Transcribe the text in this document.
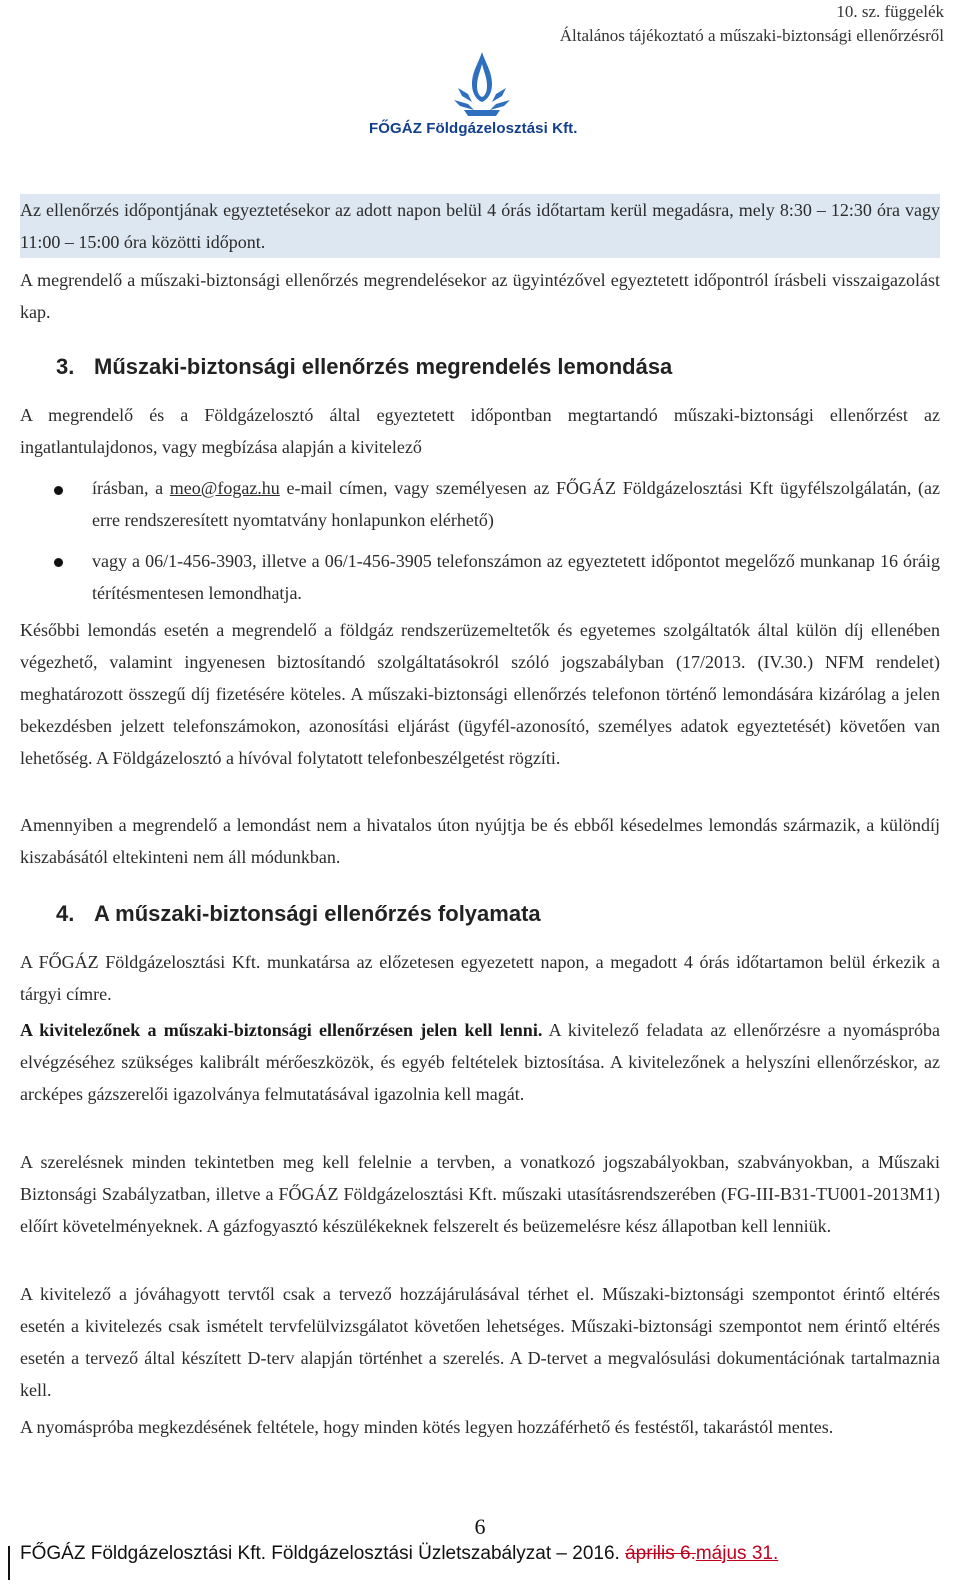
10. sz. függelék
Általános tájékoztató a műszaki-biztonsági ellenőrzésről
FŐGÁZ Földgázelosztási Kft.

Az ellenőrzés időpontjának egyeztetésekor az adott napon belül 4 órás időtartam kerül megadásra, mely 8:30 – 12:30 óra vagy 11:00 – 15:00 óra közötti időpont.

A megrendelő a műszaki-biztonsági ellenőrzés megrendelésekor az ügyintézővel egyeztetett időpontról írásbeli visszaigazolást kap.

3. Műszaki-biztonsági ellenőrzés megrendelés lemondása

A megrendelő és a Földgázelosztó által egyeztetett időpontban megtartandó műszaki-biztonsági ellenőrzést az ingatlantulajdonos, vagy megbízása alapján a kivitelező

írásban, a meo@fogaz.hu e-mail címen, vagy személyesen az FŐGÁZ Földgázelosztási Kft ügyfélszolgálatán, (az erre rendszeresített nyomtatvány honlapunkon elérhető)

vagy a 06/1-456-3903, illetve a 06/1-456-3905 telefonszámon az egyeztetett időpontot megelőző munkanap 16 óráig térítésmentesen lemondhatja.

Későbbi lemondás esetén a megrendelő a földgáz rendszerüzemeltetők és egyetemes szolgáltatók által külön díj ellenében végezhető, valamint ingyenesen biztosítandó szolgáltatásokról szóló jogszabályban (17/2013. (IV.30.) NFM rendelet) meghatározott összegű díj fizetésére köteles. A műszaki-biztonsági ellenőrzés telefonon történő lemondására kizárólag a jelen bekezdésben jelzett telefonszámokon, azonosítási eljárást (ügyfél-azonosító, személyes adatok egyeztetését) követően van lehetőség. A Földgázelosztó a hívóval folytatott telefonbeszélgetést rögzíti.

Amennyiben a megrendelő a lemondást nem a hivatalos úton nyújtja be és ebből késedelmes lemondás származik, a különdíj kiszabásától eltekinteni nem áll módunkban.

4. A műszaki-biztonsági ellenőrzés folyamata

A FŐGÁZ Földgázelosztási Kft. munkatársa az előzetesen egyezetett napon, a megadott 4 órás időtartamon belül érkezik a tárgyi címre.

A kivitelezőnek a műszaki-biztonsági ellenőrzésen jelen kell lenni. A kivitelező feladata az ellenőrzésre a nyomáspróba elvégzéséhez szükséges kalibrált mérőeszközök, és egyéb feltételek biztosítása. A kivitelezőnek a helyszíni ellenőrzéskor, az arcképes gázszerelői igazolványa felmutatásával igazolnia kell magát.

A szerelésnek minden tekintetben meg kell felelnie a tervben, a vonatkozó jogszabályokban, szabványokban, a Műszaki Biztonsági Szabályzatban, illetve a FŐGÁZ Földgázelosztási Kft. műszaki utasításrendszerében (FG-III-B31-TU001-2013M1) előírt követelményeknek. A gázfogyasztó készülékeknek felszerelt és beüzemelésre kész állapotban kell lenniük.

A kivitelező a jóváhagyott tervtől csak a tervező hozzájárulásával térhet el. Műszaki-biztonsági szempontot érintő eltérés esetén a kivitelezés csak ismételt tervfelülvizsgálatot követően lehetséges. Műszaki-biztonsági szempontot nem érintő eltérés esetén a tervező által készített D-terv alapján történhet a szerelés. A D-tervet a megvalósulási dokumentációnak tartalmaznia kell.

A nyomáspróba megkezdésének feltétele, hogy minden kötés legyen hozzáférhető és festéstől, takarástól mentes.

6
FŐGÁZ Földgázelosztási Kft. Földgázelosztási Üzletszabályzat – 2016. április 6.május 31.
